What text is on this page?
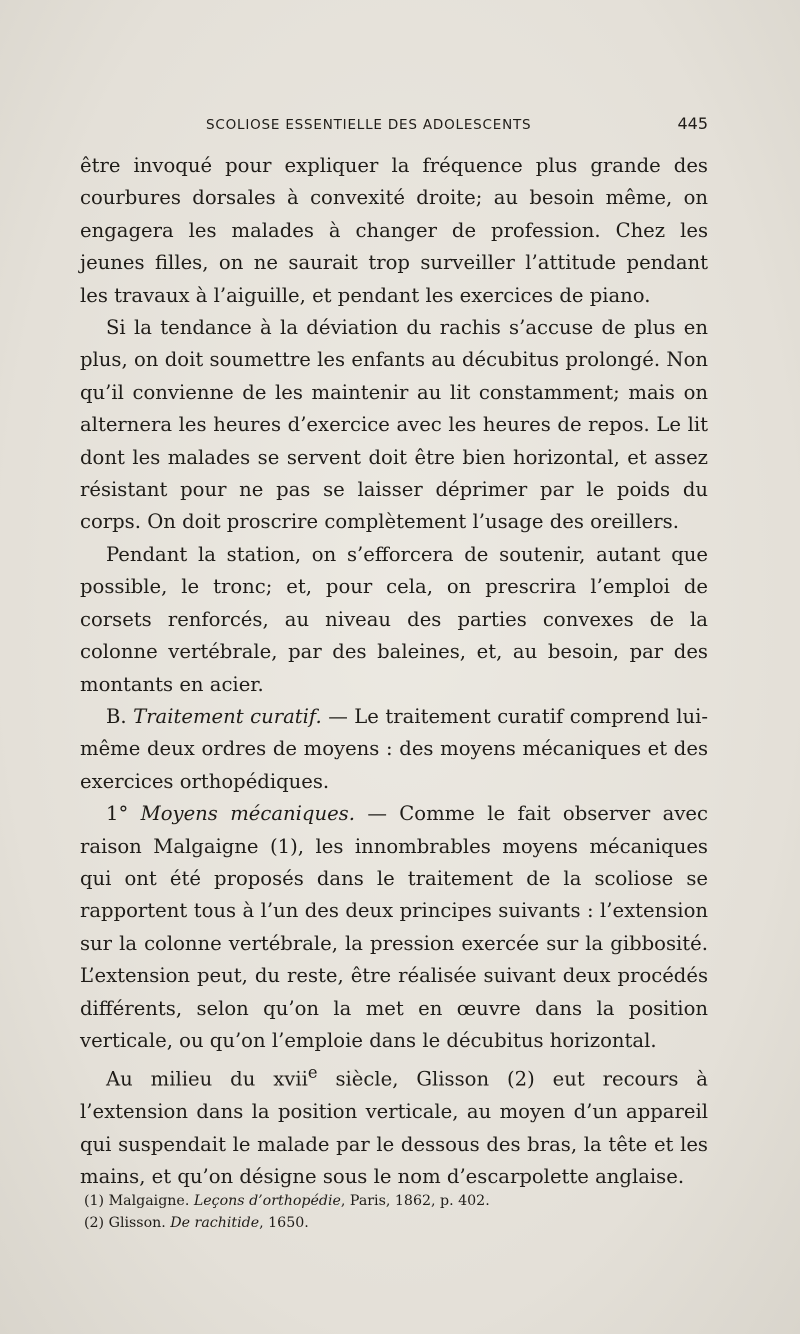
SCOLIOSE ESSENTIELLE DES ADOLESCENTS	445

être invoqué pour expliquer la fréquence plus grande des courbures dorsales à convexité droite; au besoin même, on engagera les malades à changer de profession. Chez les jeunes filles, on ne saurait trop surveiller l’attitude pendant les travaux à l’aiguille, et pendant les exercices de piano.

Si la tendance à la déviation du rachis s’accuse de plus en plus, on doit soumettre les enfants au décubitus prolongé. Non qu’il convienne de les maintenir au lit constamment; mais on alternera les heures d’exercice avec les heures de repos. Le lit dont les malades se servent doit être bien horizontal, et assez résistant pour ne pas se laisser déprimer par le poids du corps. On doit proscrire complètement l’usage des oreillers.

Pendant la station, on s’efforcera de soutenir, autant que possible, le tronc; et, pour cela, on prescrira l’emploi de corsets renforcés, au niveau des parties convexes de la colonne vertébrale, par des baleines, et, au besoin, par des montants en acier.

B. Traitement curatif. — Le traitement curatif comprend lui-même deux ordres de moyens : des moyens mécaniques et des exercices orthopédiques.

1° Moyens mécaniques. — Comme le fait observer avec raison Malgaigne (1), les innombrables moyens mécaniques qui ont été proposés dans le traitement de la scoliose se rapportent tous à l’un des deux principes suivants : l’extension sur la colonne vertébrale, la pression exercée sur la gibbosité. L’extension peut, du reste, être réalisée suivant deux procédés différents, selon qu’on la met en œuvre dans la position verticale, ou qu’on l’emploie dans le décubitus horizontal.

Au milieu du xvii$^e$ siècle, Glisson (2) eut recours à l’extension dans la position verticale, au moyen d’un appareil qui suspendait le malade par le dessous des bras, la tête et les mains, et qu’on désigne sous le nom d’escarpolette anglaise.

(1) Malgaigne. Leçons d’orthopédie, Paris, 1862, p. 402.

(2) Glisson. De rachitide, 1650.
